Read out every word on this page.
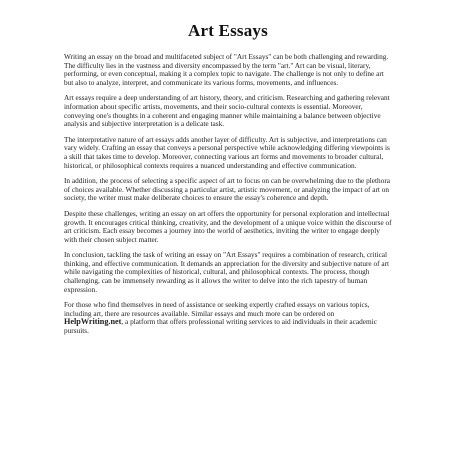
Art Essays

Writing an essay on the broad and multifaceted subject of "Art Essays" can be both challenging and rewarding. The difficulty lies in the vastness and diversity encompassed by the term "art." Art can be visual, literary, performing, or even conceptual, making it a complex topic to navigate. The challenge is not only to define art but also to analyze, interpret, and communicate its various forms, movements, and influences.

Art essays require a deep understanding of art history, theory, and criticism. Researching and gathering relevant information about specific artists, movements, and their socio-cultural contexts is essential. Moreover, conveying one's thoughts in a coherent and engaging manner while maintaining a balance between objective analysis and subjective interpretation is a delicate task.

The interpretative nature of art essays adds another layer of difficulty. Art is subjective, and interpretations can vary widely. Crafting an essay that conveys a personal perspective while acknowledging differing viewpoints is a skill that takes time to develop. Moreover, connecting various art forms and movements to broader cultural, historical, or philosophical contexts requires a nuanced understanding and effective communication.

In addition, the process of selecting a specific aspect of art to focus on can be overwhelming due to the plethora of choices available. Whether discussing a particular artist, artistic movement, or analyzing the impact of art on society, the writer must make deliberate choices to ensure the essay's coherence and depth.

Despite these challenges, writing an essay on art offers the opportunity for personal exploration and intellectual growth. It encourages critical thinking, creativity, and the development of a unique voice within the discourse of art criticism. Each essay becomes a journey into the world of aesthetics, inviting the writer to engage deeply with their chosen subject matter.

In conclusion, tackling the task of writing an essay on "Art Essays" requires a combination of research, critical thinking, and effective communication. It demands an appreciation for the diversity and subjective nature of art while navigating the complexities of historical, cultural, and philosophical contexts. The process, though challenging, can be immensely rewarding as it allows the writer to delve into the rich tapestry of human expression.

For those who find themselves in need of assistance or seeking expertly crafted essays on various topics, including art, there are resources available. Similar essays and much more can be ordered on HelpWriting.net, a platform that offers professional writing services to aid individuals in their academic pursuits.
